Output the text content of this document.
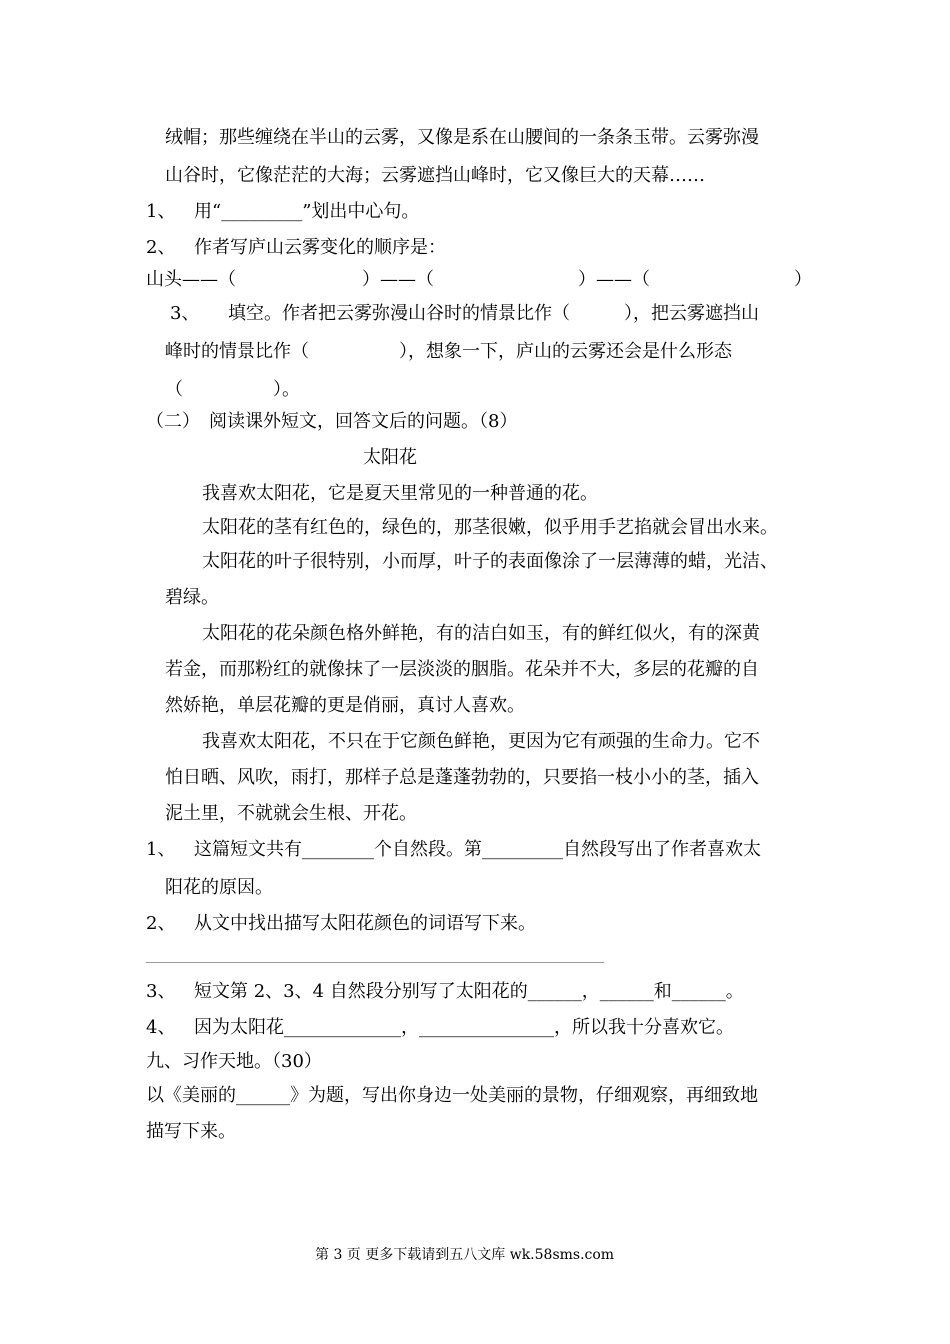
绒帽；那些缠绕在半山的云雾，又像是系在山腰间的一条条玉带。云雾弥漫
山谷时，它像茫茫的大海；云雾遮挡山峰时，它又像巨大的天幕……
1、 用“_________”划出中心句。
2、 作者写庐山云雾变化的顺序是：
山头——（　　　　　　　）——（　　　　　　　　）——（　　　　　　　　）
3、 填空。作者把云雾弥漫山谷时的情景比作（　　　），把云雾遮挡山
峰时的情景比作（　　　　　），想象一下，庐山的云雾还会是什么形态
（　　　　　）。
（二）　阅读课外短文，回答文后的问题。（8）
太阳花
我喜欢太阳花，它是夏天里常见的一种普通的花。
太阳花的茎有红色的，绿色的，那茎很嫩，似乎用手艺掐就会冒出水来。
太阳花的叶子很特别，小而厚，叶子的表面像涂了一层薄薄的蜡，光洁、
碧绿。
太阳花的花朵颜色格外鲜艳，有的洁白如玉，有的鲜红似火，有的深黄
若金，而那粉红的就像抹了一层淡淡的胭脂。花朵并不大，多层的花瓣的自
然娇艳，单层花瓣的更是俏丽，真讨人喜欢。
我喜欢太阳花，不只在于它颜色鲜艳，更因为它有顽强的生命力。它不
怕日晒、风吹，雨打，那样子总是蓬蓬勃勃的，只要掐一枝小小的茎，插入
泥土里，不就就会生根、开花。
1、 这篇短文共有________个自然段。第_________自然段写出了作者喜欢太
阳花的原因。
2、 从文中找出描写太阳花颜色的词语写下来。
3、 短文第 2、3、4 自然段分别写了太阳花的______，______和______。
4、 因为太阳花_____________，_______________，所以我十分喜欢它。
九、习作天地。（30）
以《美丽的______》为题，写出你身边一处美丽的景物，仔细观察，再细致地
描写下来。
第 3 页 更多下载请到五八文库 wk.58sms.com
